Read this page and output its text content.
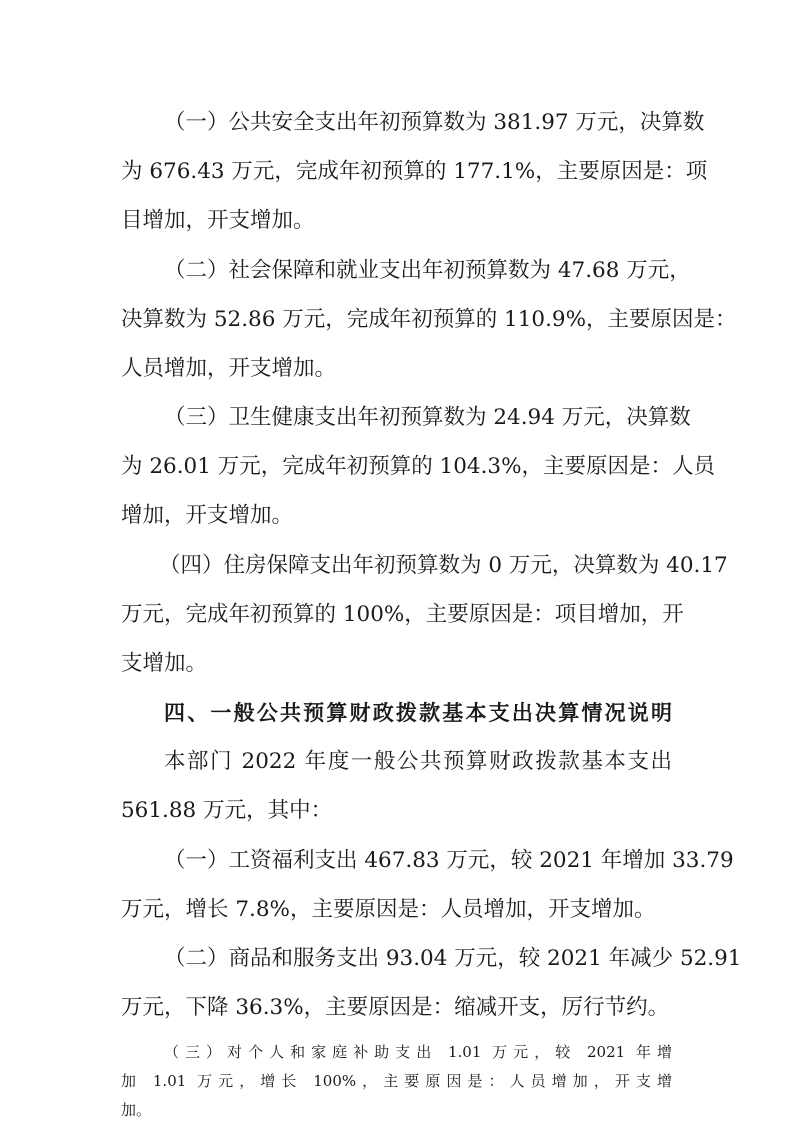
（一）公共安全支出年初预算数为 381.97 万元，决算数
为 676.43 万元，完成年初预算的 177.1%，主要原因是：项
目增加，开支增加。
（二）社会保障和就业支出年初预算数为 47.68 万元，
决算数为 52.86 万元，完成年初预算的 110.9%，主要原因是：
人员增加，开支增加。
（三）卫生健康支出年初预算数为 24.94 万元，决算数
为 26.01 万元，完成年初预算的 104.3%，主要原因是：人员
增加，开支增加。
（四）住房保障支出年初预算数为 0 万元，决算数为 40.17
万元，完成年初预算的 100%，主要原因是：项目增加，开
支增加。
四、一般公共预算财政拨款基本支出决算情况说明
本部门 2022 年度一般公共预算财政拨款基本支出
561.88 万元，其中：
（一）工资福利支出 467.83 万元，较 2021 年增加 33.79
万元，增长 7.8%，主要原因是：人员增加，开支增加。
（二）商品和服务支出 93.04 万元，较 2021 年减少 52.91
万元，下降 36.3%，主要原因是：缩减开支，厉行节约。
（三）对个人和家庭补助支出 1.01 万元，较 2021 年增
加 1.01 万元，增长 100%，主要原因是：人员增加，开支增
加。
